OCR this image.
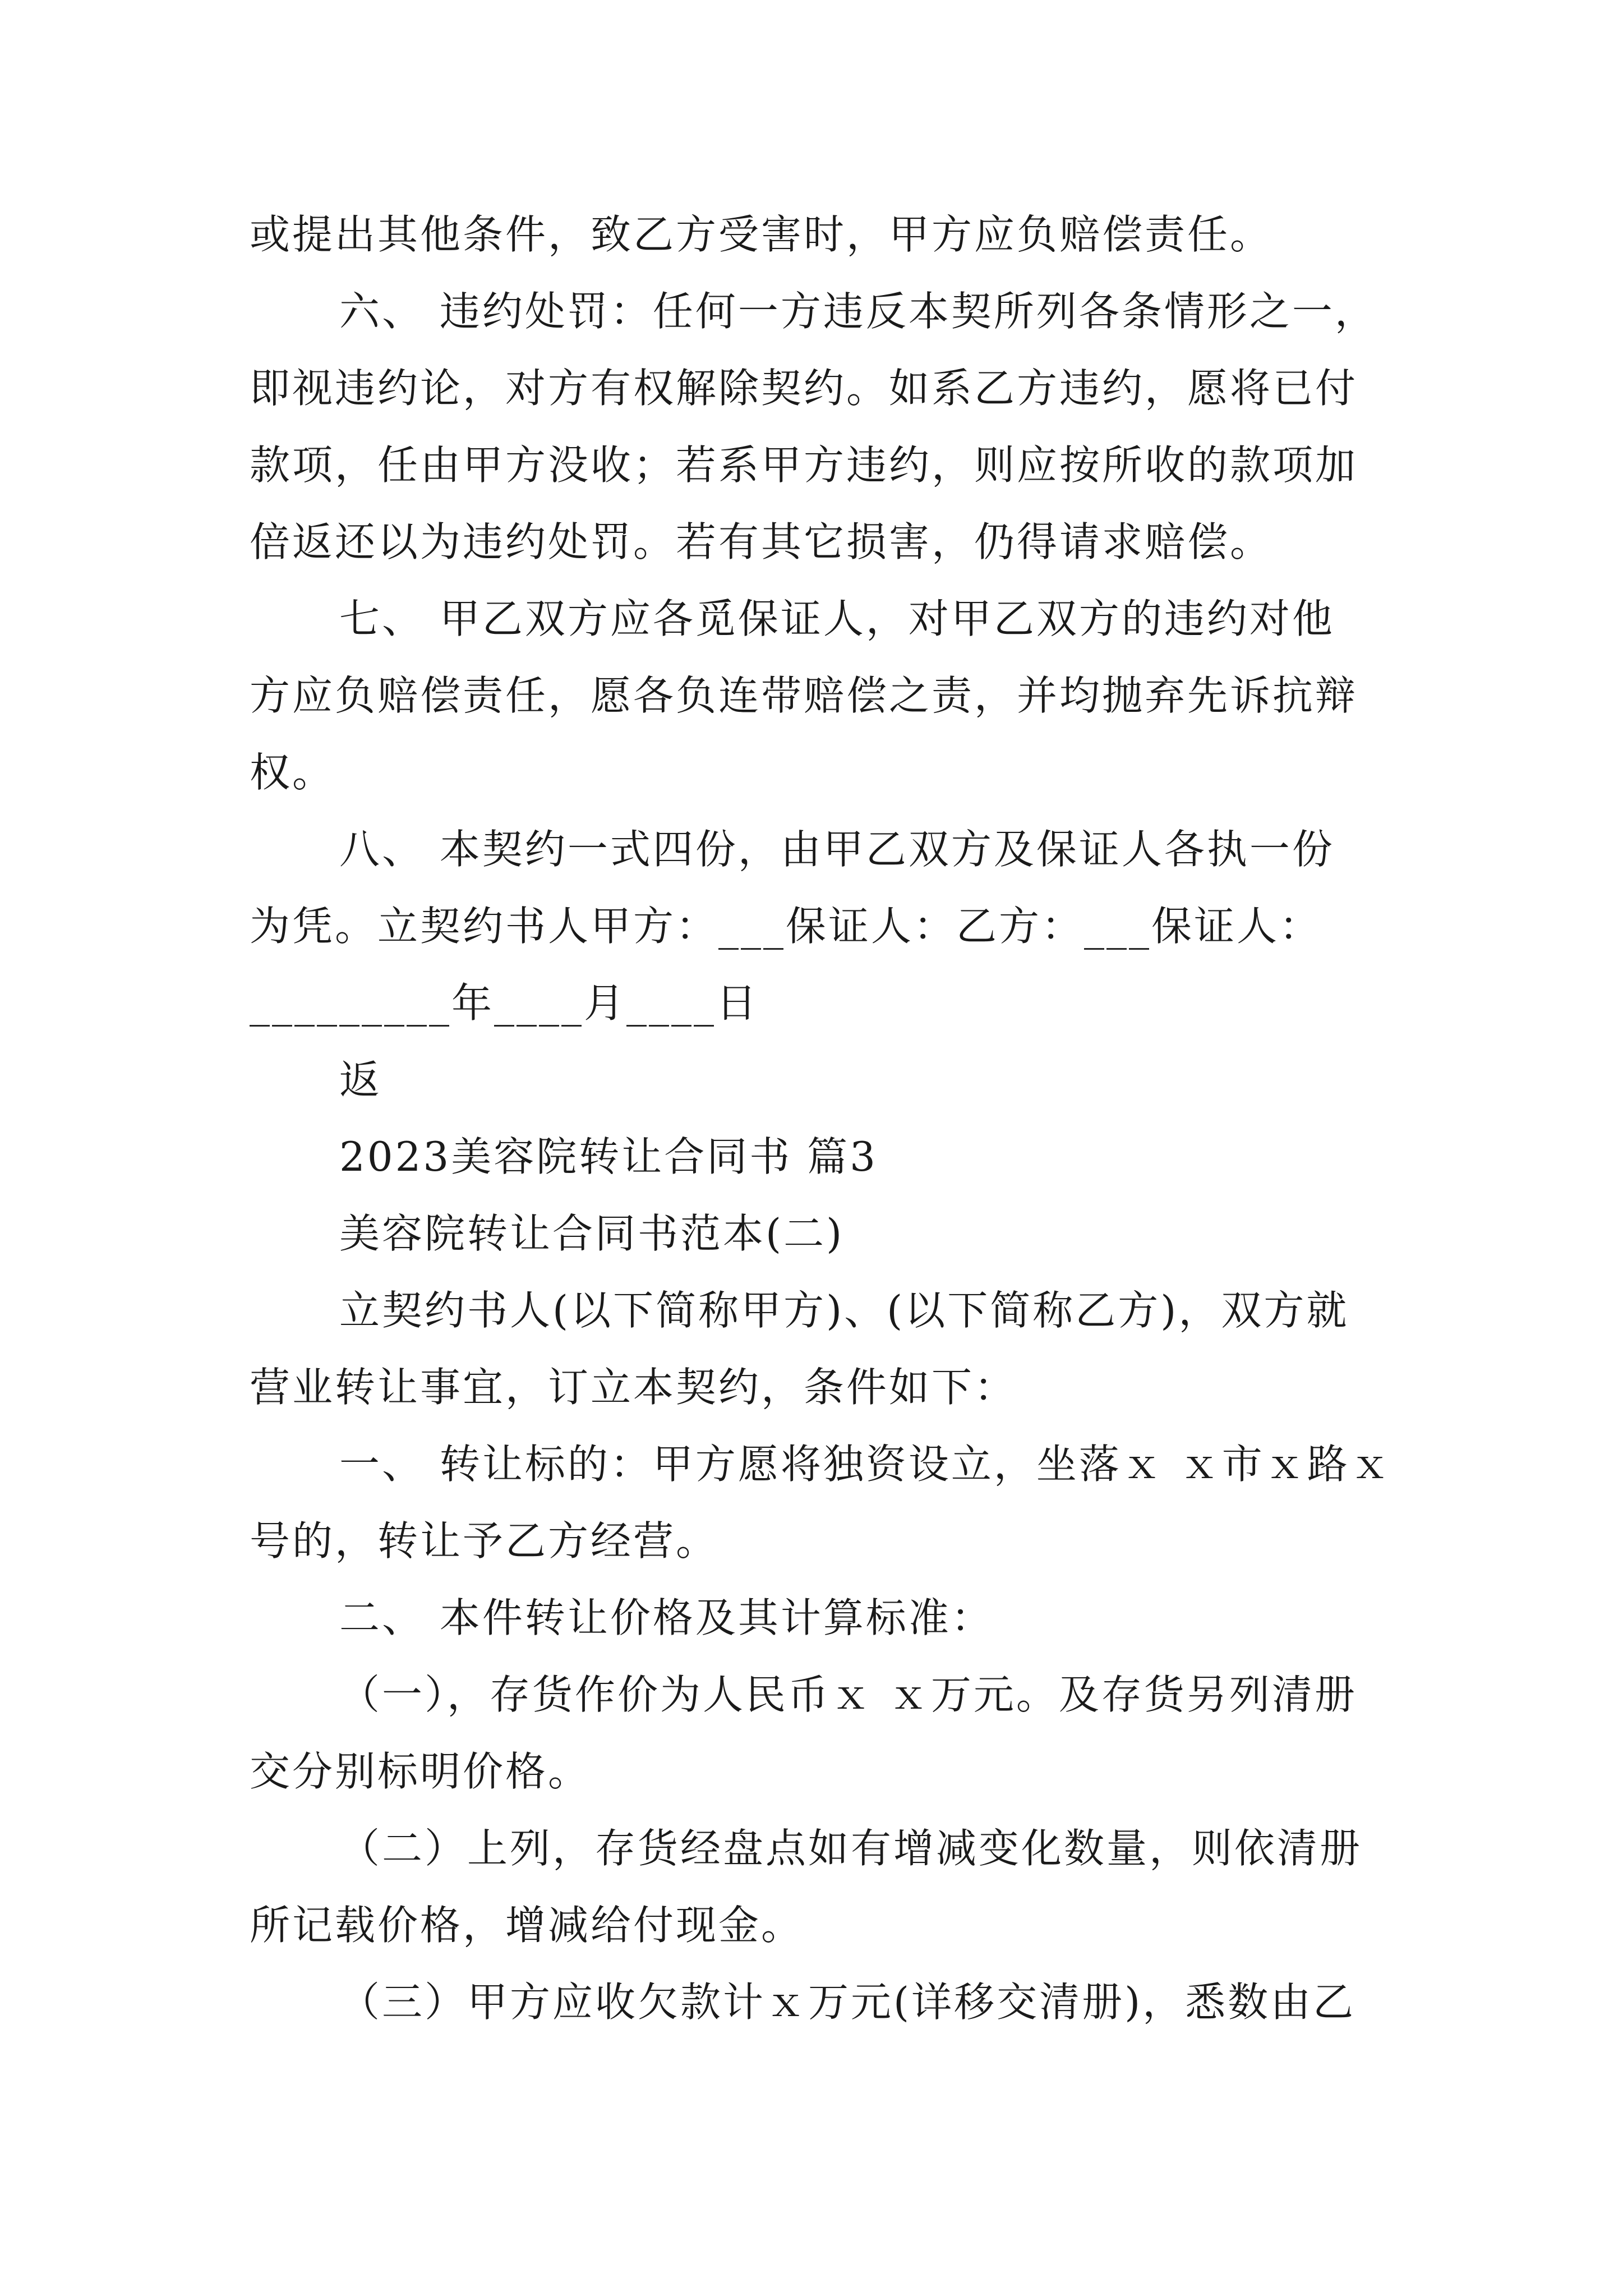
或提出其他条件，致乙方受害时，甲方应负赔偿责任。
六、 违约处罚：任何一方违反本契所列各条情形之一，
即视违约论，对方有权解除契约。如系乙方违约，愿将已付
款项，任由甲方没收；若系甲方违约，则应按所收的款项加
倍返还以为违约处罚。若有其它损害，仍得请求赔偿。
七、 甲乙双方应各觅保证人，对甲乙双方的违约对他
方应负赔偿责任，愿各负连带赔偿之责，并均抛弃先诉抗辩
权。
八、 本契约一式四份，由甲乙双方及保证人各执一份
为凭。立契约书人甲方：___保证人：乙方：___保证人：
_________年____月____日
返
2023美容院转让合同书 篇3
美容院转让合同书范本(二)
立契约书人(以下简称甲方)、(以下简称乙方)，双方就
营业转让事宜，订立本契约，条件如下：
一、 转让标的：甲方愿将独资设立，坐落ｘ ｘ市ｘ路ｘ
号的，转让予乙方经营。
二、 本件转让价格及其计算标准：
（一），存货作价为人民币ｘ ｘ万元。及存货另列清册
交分别标明价格。
（二）上列，存货经盘点如有增减变化数量，则依清册
所记载价格，增减给付现金。
（三）甲方应收欠款计ｘ万元(详移交清册)，悉数由乙
